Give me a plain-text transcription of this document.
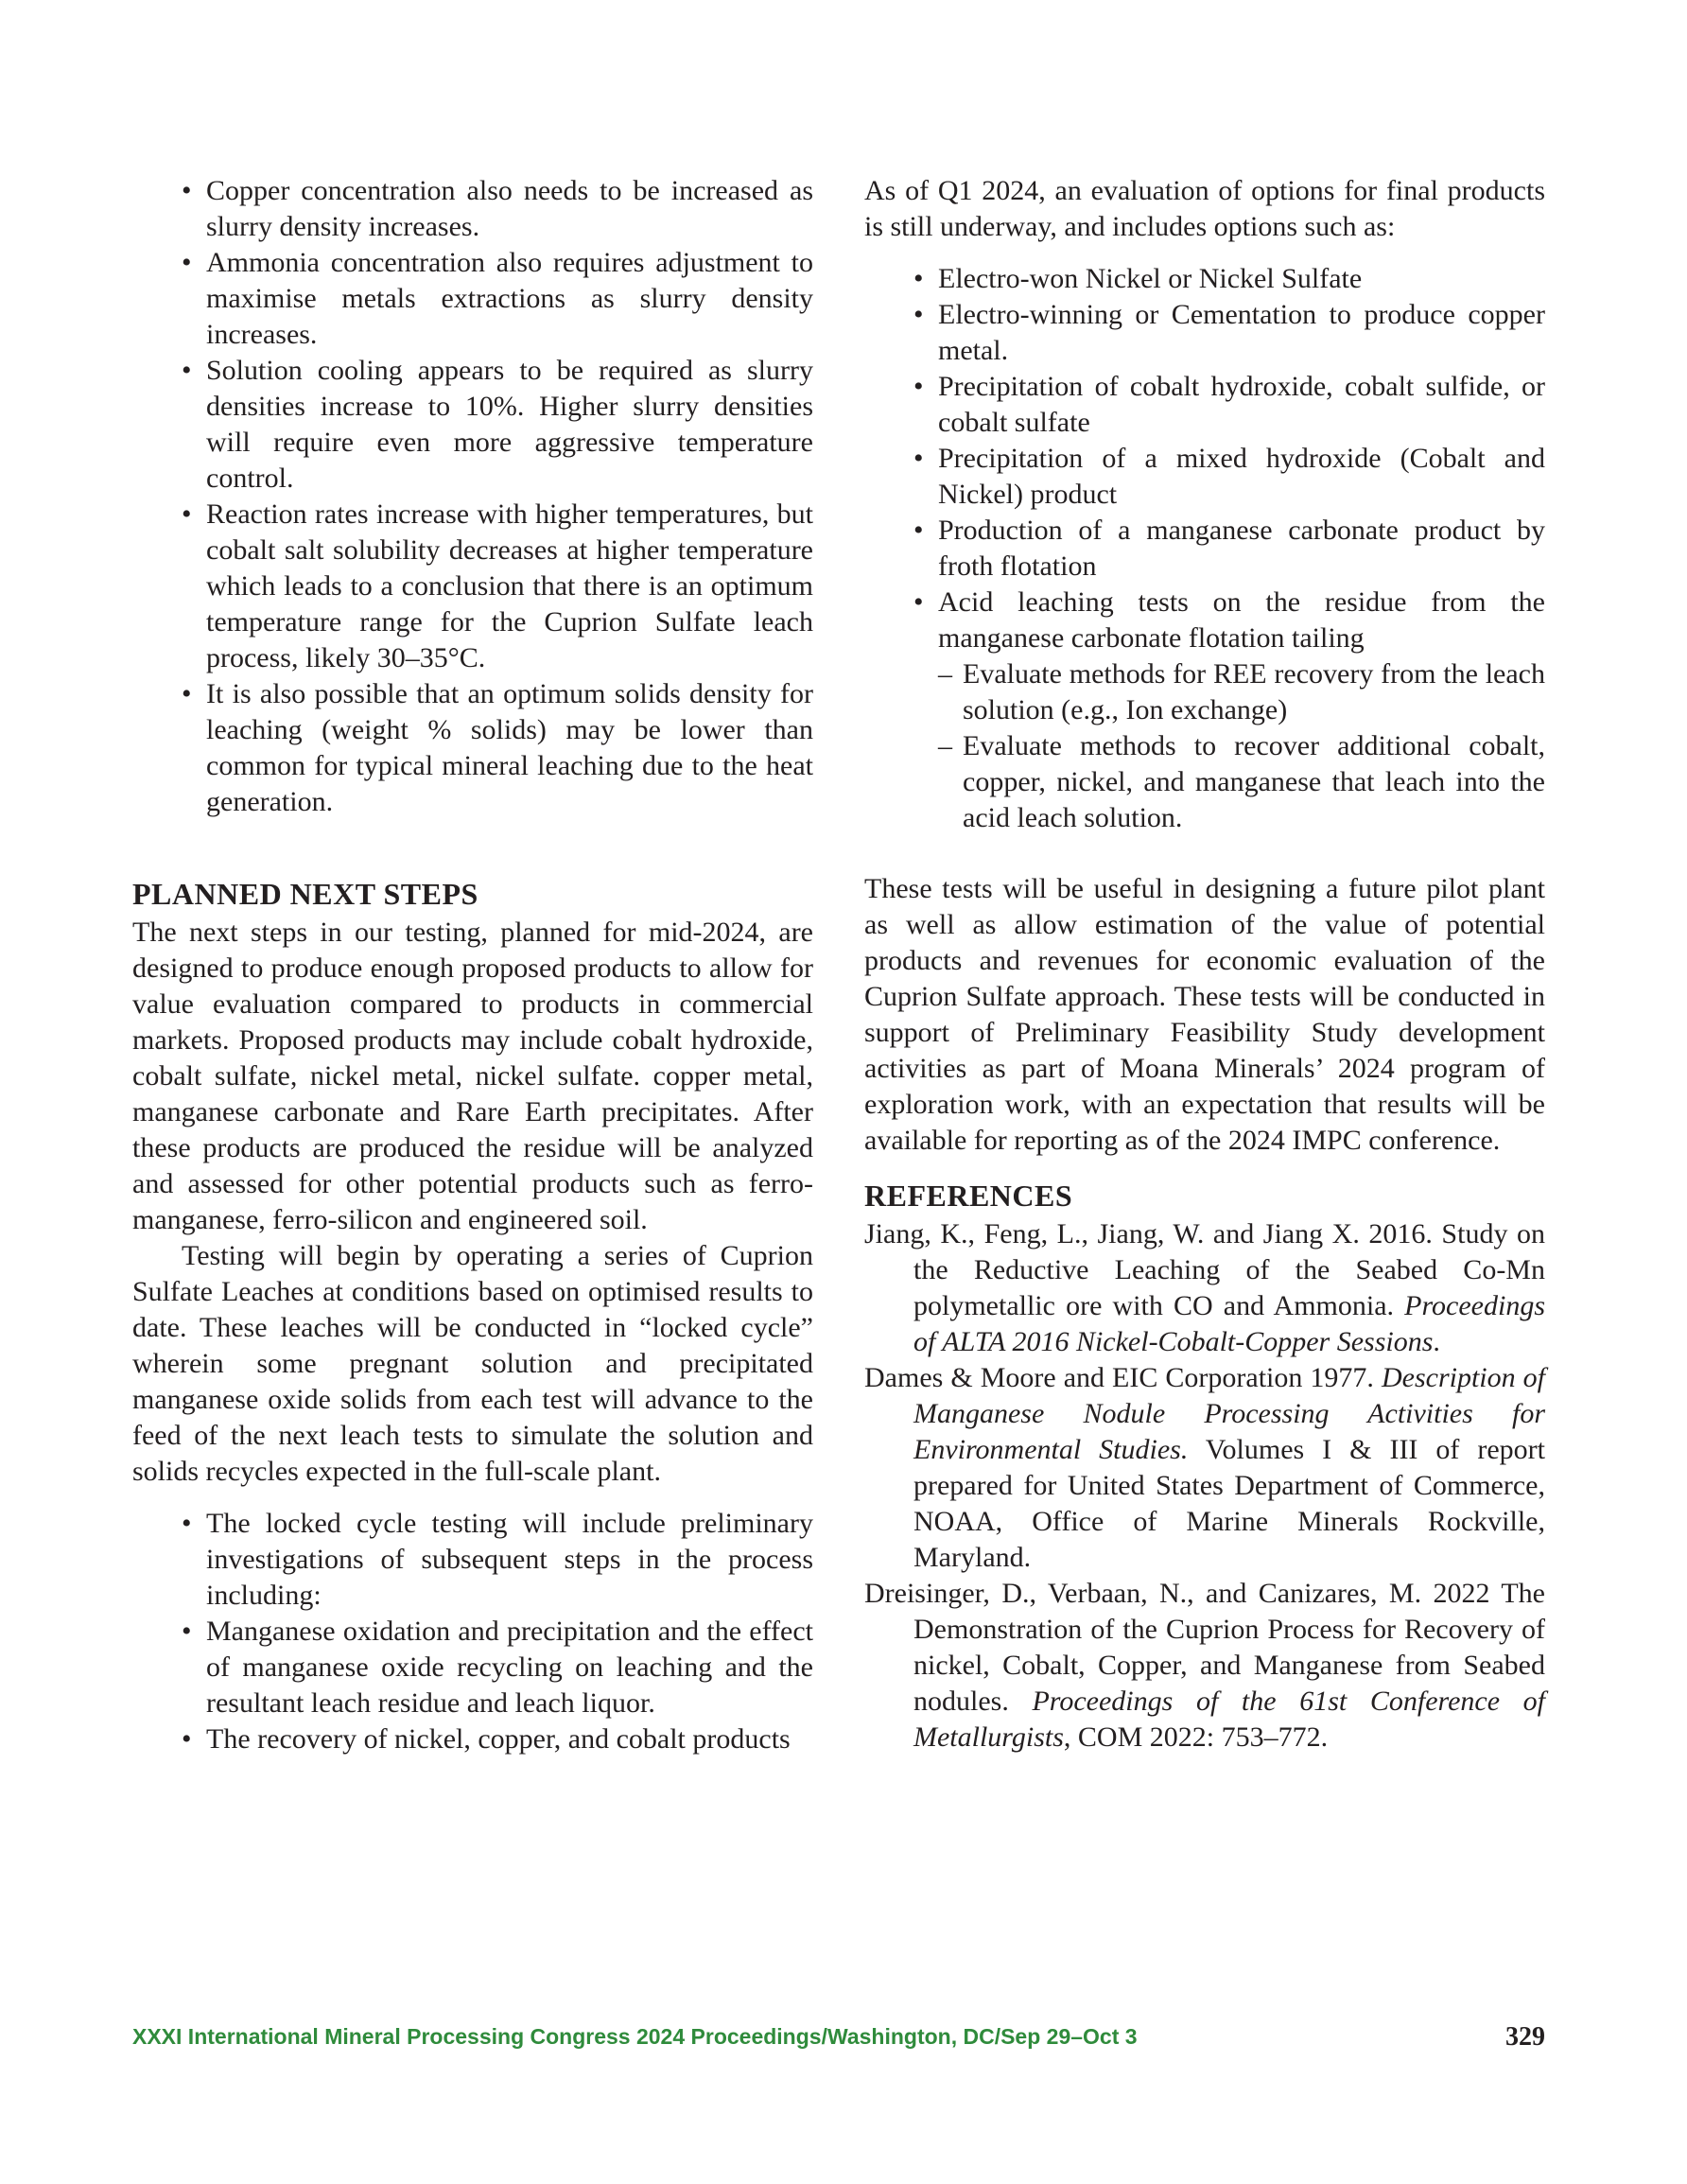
• Copper concentration also needs to be increased as slurry density increases.
• Ammonia concentration also requires adjustment to maximise metals extractions as slurry density increases.
• Solution cooling appears to be required as slurry densities increase to 10%. Higher slurry densities will require even more aggressive temperature control.
• Reaction rates increase with higher temperatures, but cobalt salt solubility decreases at higher temperature which leads to a conclusion that there is an optimum temperature range for the Cuprion Sulfate leach process, likely 30–35°C.
• It is also possible that an optimum solids density for leaching (weight % solids) may be lower than common for typical mineral leaching due to the heat generation.
PLANNED NEXT STEPS

The next steps in our testing, planned for mid-2024, are designed to produce enough proposed products to allow for value evaluation compared to products in commercial markets. Proposed products may include cobalt hydroxide, cobalt sulfate, nickel metal, nickel sulfate. copper metal, manganese carbonate and Rare Earth precipitates. After these products are produced the residue will be analyzed and assessed for other potential products such as ferro-manganese, ferro-silicon and engineered soil.

Testing will begin by operating a series of Cuprion Sulfate Leaches at conditions based on optimised results to date. These leaches will be conducted in “locked cycle” wherein some pregnant solution and precipitated manganese oxide solids from each test will advance to the feed of the next leach tests to simulate the solution and solids recycles expected in the full-scale plant.

• The locked cycle testing will include preliminary investigations of subsequent steps in the process including:
• Manganese oxidation and precipitation and the effect of manganese oxide recycling on leaching and the resultant leach residue and leach liquor.
• The recovery of nickel, copper, and cobalt products

As of Q1 2024, an evaluation of options for final products is still underway, and includes options such as:

• Electro-won Nickel or Nickel Sulfate
• Electro-winning or Cementation to produce copper metal.
• Precipitation of cobalt hydroxide, cobalt sulfide, or cobalt sulfate
• Precipitation of a mixed hydroxide (Cobalt and Nickel) product
• Production of a manganese carbonate product by froth flotation
• Acid leaching tests on the residue from the manganese carbonate flotation tailing
– Evaluate methods for REE recovery from the leach solution (e.g., Ion exchange)
– Evaluate methods to recover additional cobalt, copper, nickel, and manganese that leach into the acid leach solution.

These tests will be useful in designing a future pilot plant as well as allow estimation of the value of potential products and revenues for economic evaluation of the Cuprion Sulfate approach. These tests will be conducted in support of Preliminary Feasibility Study development activities as part of Moana Minerals’ 2024 program of exploration work, with an expectation that results will be available for reporting as of the 2024 IMPC conference.

REFERENCES
Jiang, K., Feng, L., Jiang, W. and Jiang X. 2016. Study on the Reductive Leaching of the Seabed Co-Mn polymetallic ore with CO and Ammonia. Proceedings of ALTA 2016 Nickel-Cobalt-Copper Sessions.
Dames & Moore and EIC Corporation 1977. Description of Manganese Nodule Processing Activities for Environmental Studies. Volumes I & III of report prepared for United States Department of Commerce, NOAA, Office of Marine Minerals Rockville, Maryland.
Dreisinger, D., Verbaan, N., and Canizares, M. 2022 The Demonstration of the Cuprion Process for Recovery of nickel, Cobalt, Copper, and Manganese from Seabed nodules. Proceedings of the 61st Conference of Metallurgists, COM 2022: 753–772.
XXXI International Mineral Processing Congress 2024 Proceedings/Washington, DC/Sep 29–Oct 3	329
